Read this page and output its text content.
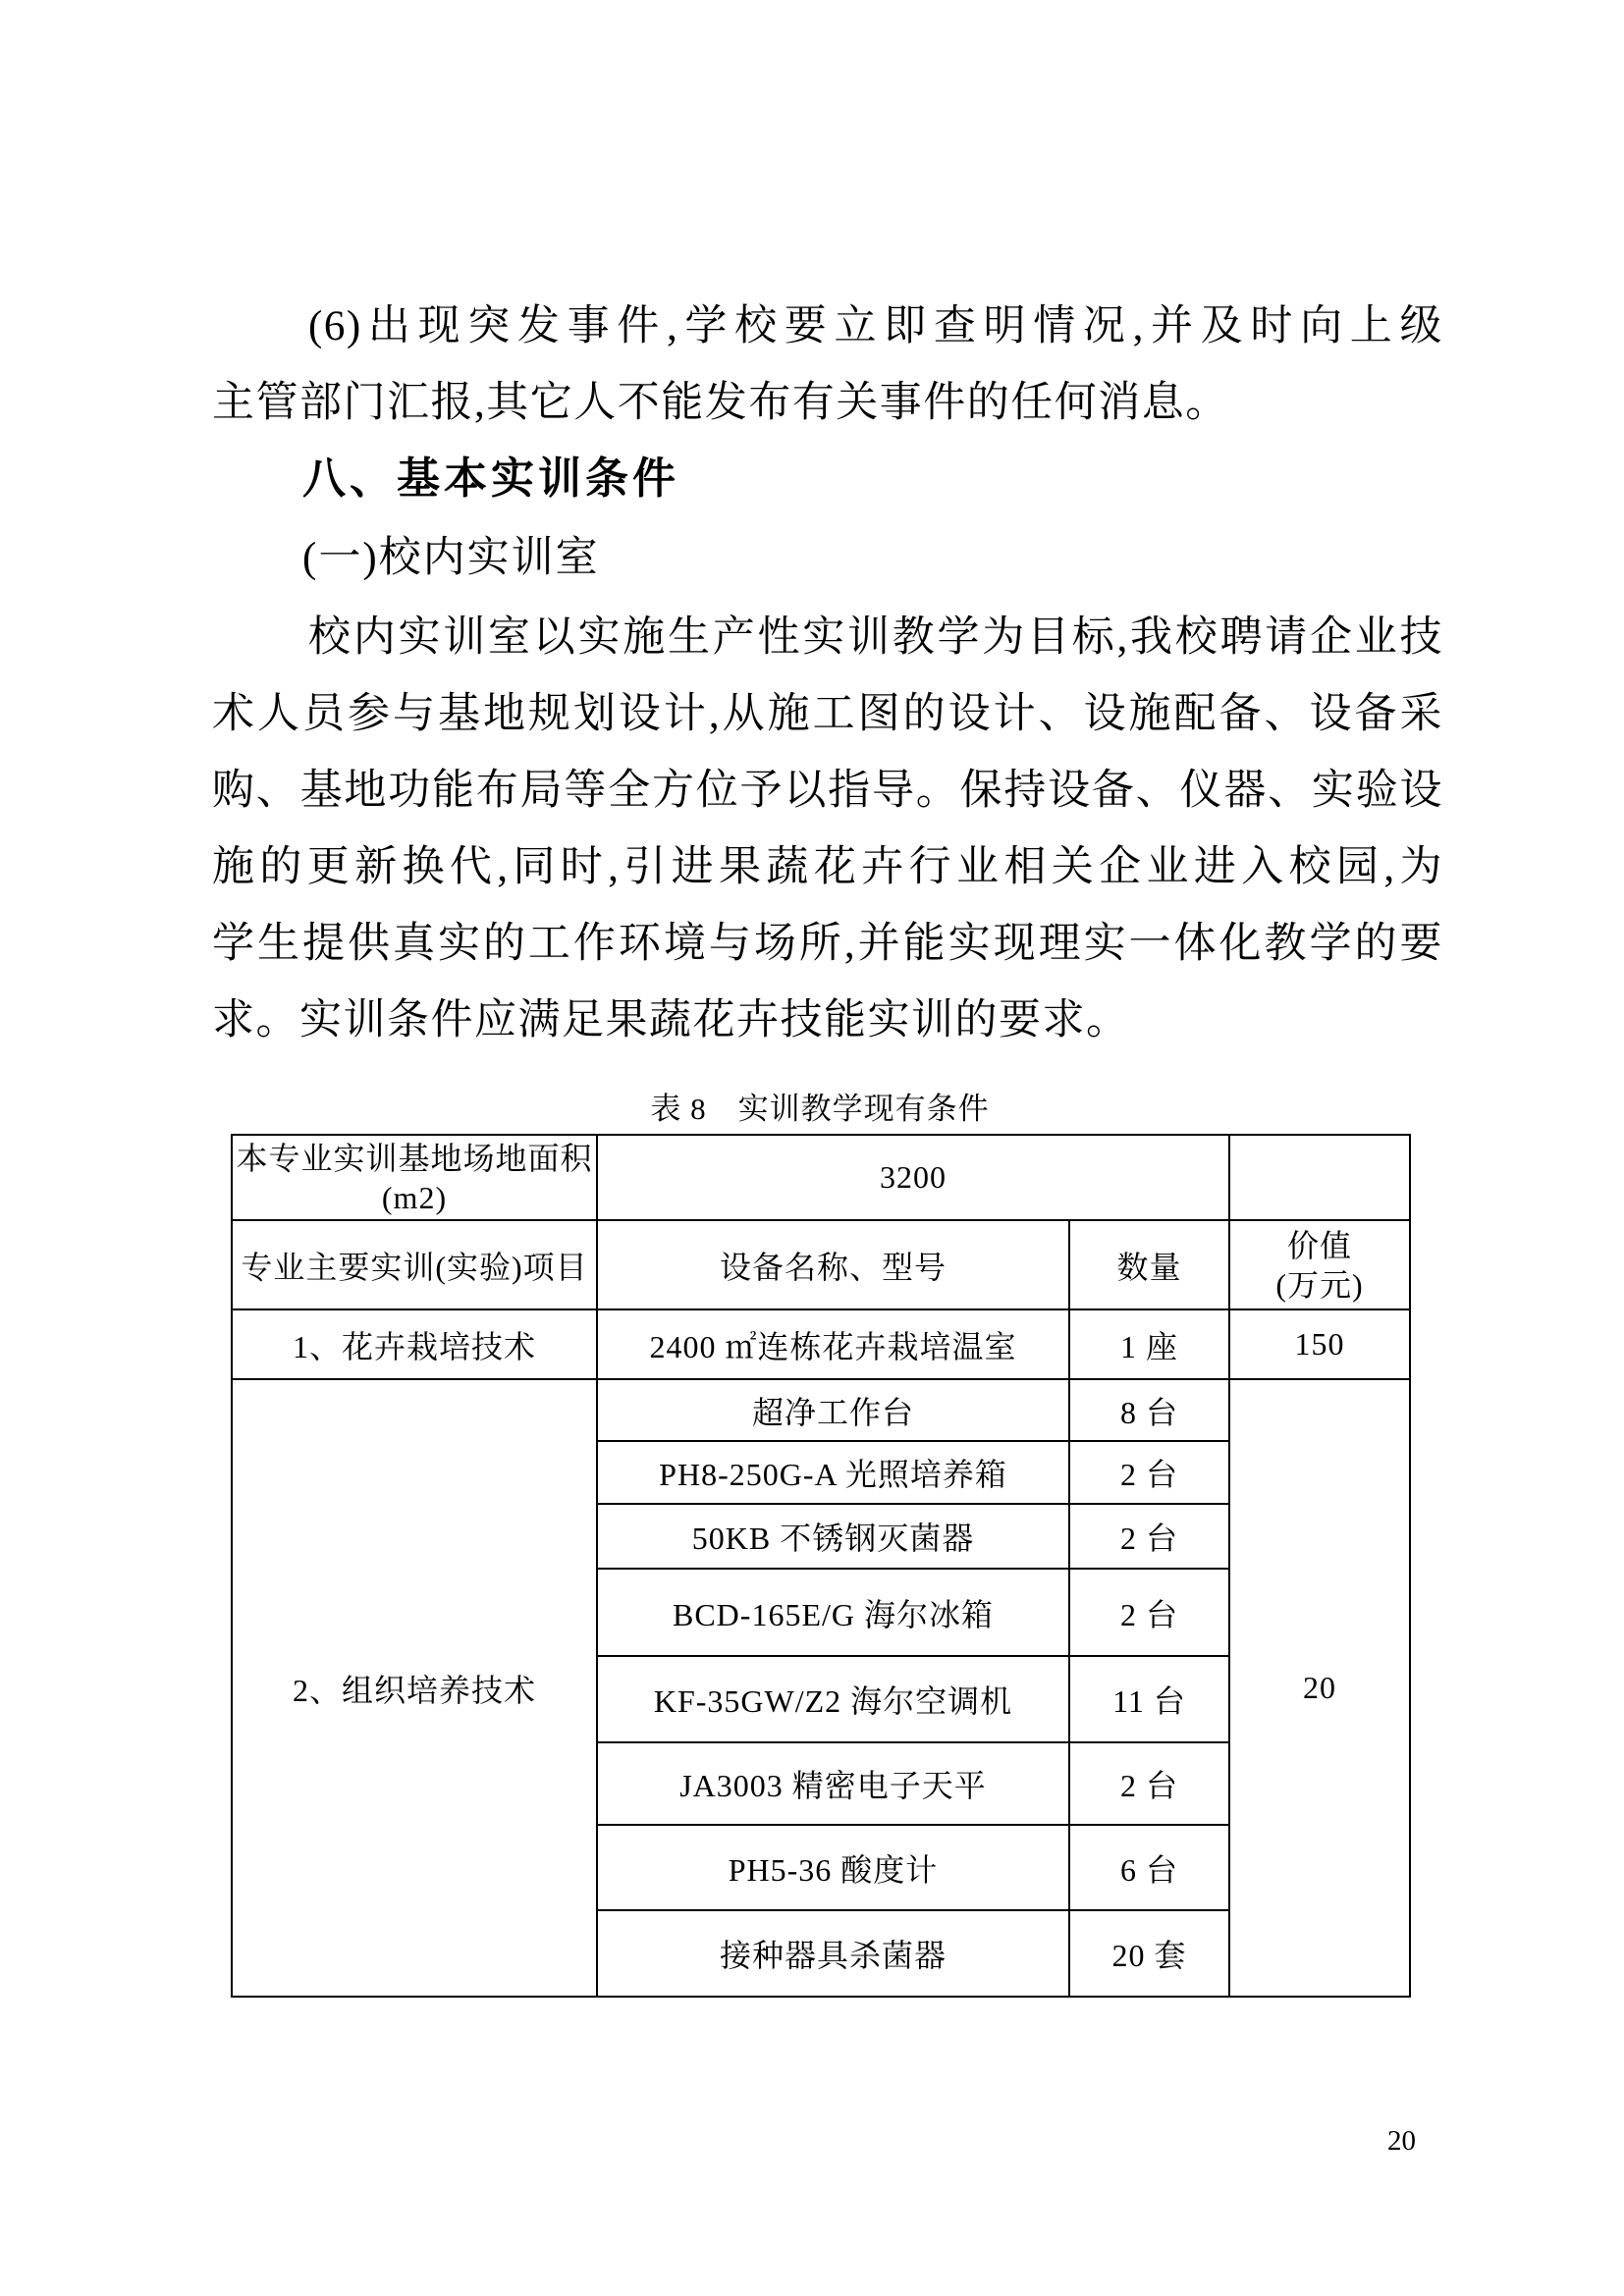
(6)出现突发事件,学校要立即查明情况,并及时向上级
主管部门汇报,其它人不能发布有关事件的任何消息。
八、基本实训条件
(一)校内实训室
校内实训室以实施生产性实训教学为目标,我校聘请企业技
术人员参与基地规划设计,从施工图的设计、设施配备、设备采
购、基地功能布局等全方位予以指导。保持设备、仪器、实验设
施的更新换代,同时,引进果蔬花卉行业相关企业进入校园,为
学生提供真实的工作环境与场所,并能实现理实一体化教学的要
求。实训条件应满足果蔬花卉技能实训的要求。
表 8　实训教学现有条件
本专业实训基地场地面积
(m2)	3200		
专业主要实训(实验)项目	设备名称、型号	数量	价值
(万元)

1、花卉栽培技术	2400 ㎡连栋花卉栽培温室	1 座	150
2、组织培养技术	超净工作台	8 台	20
	PH8-250G-A 光照培养箱	2 台	
	50KB 不锈钢灭菌器	2 台	
	BCD-165E/G 海尔冰箱	2 台	
	KF-35GW/Z2 海尔空调机	11 台	
	JA3003 精密电子天平	2 台	
	PH5-36 酸度计	6 台	
	接种器具杀菌器	20 套	
20
